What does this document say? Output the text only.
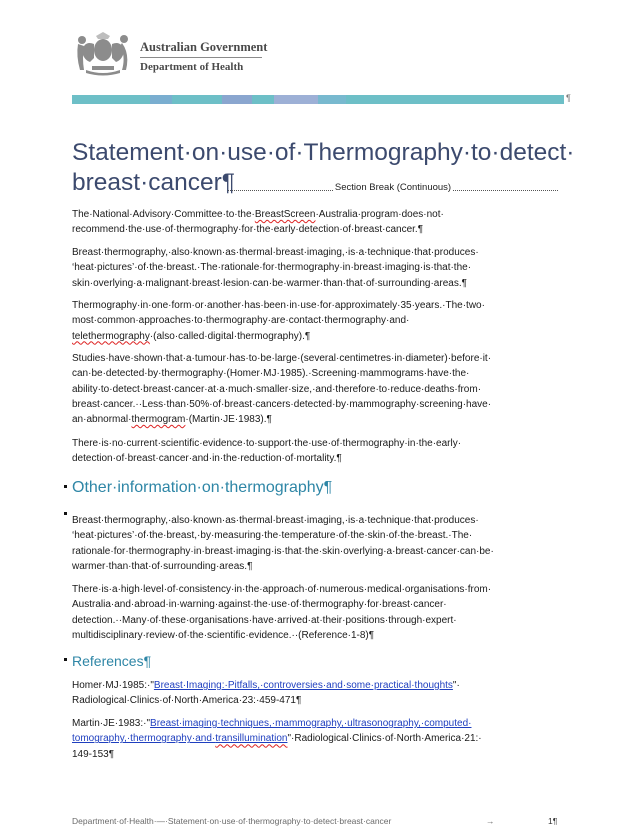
Australian Government
Department of Health
¶
Statement·on·use·of·Thermography·to·detect·
breast·cancer¶	Section Break (Continuous)
The·National·Advisory·Committee·to·the·BreastScreen·Australia·program·does·not·
recommend·the·use·of·thermography·for·the·early·detection·of·breast·cancer.¶
Breast·thermography,·also·known·as·thermal·breast·imaging,·is·a·technique·that·produces·
‘heat·pictures’·of·the·breast.·The·rationale·for·thermography·in·breast·imaging·is·that·the·
skin·overlying·a·malignant·breast·lesion·can·be·warmer·than·that·of·surrounding·areas.¶
Thermography·in·one·form·or·another·has·been·in·use·for·approximately·35·years.·The·two·
most·common·approaches·to·thermography·are·contact·thermography·and·
telethermography·(also·called·digital·thermography).¶
Studies·have·shown·that·a·tumour·has·to·be·large·(several·centimetres·in·diameter)·before·it·
can·be·detected·by·thermography·(Homer·MJ·1985).·Screening·mammograms·have·the·
ability·to·detect·breast·cancer·at·a·much·smaller·size,·and·therefore·to·reduce·deaths·from·
breast·cancer.··Less·than·50%·of·breast·cancers·detected·by·mammography·screening·have·
an·abnormal·thermogram·(Martin·JE·1983).¶
There·is·no·current·scientific·evidence·to·support·the·use·of·thermography·in·the·early·
detection·of·breast·cancer·and·in·the·reduction·of·mortality.¶
Other·information·on·thermography¶
Breast·thermography,·also·known·as·thermal·breast·imaging,·is·a·technique·that·produces·
‘heat·pictures’·of·the·breast,·by·measuring·the·temperature·of·the·skin·of·the·breast.·The·
rationale·for·thermography·in·breast·imaging·is·that·the·skin·overlying·a·breast·cancer·can·be·
warmer·than·that·of·surrounding·areas.¶
There·is·a·high·level·of·consistency·in·the·approach·of·numerous·medical·organisations·from·
Australia·and·abroad·in·warning·against·the·use·of·thermography·for·breast·cancer·
detection.··Many·of·these·organisations·have·arrived·at·their·positions·through·expert·
multidisciplinary·review·of·the·scientific·evidence.··(Reference·1-8)¶
References¶
Homer·MJ·1985:·"Breast·Imaging:·Pitfalls,·controversies·and·some·practical·thoughts"·
Radiological·Clinics·of·North·America·23:·459-471¶
Martin·JE·1983:·"Breast·imaging·techniques,·mammography,·ultrasonography,·computed·
tomography,·thermography·and·transillumination"·Radiological·Clinics·of·North·America·21:·
149-153¶
Department·of·Health·—·Statement·on·use·of·thermography·to·detect·breast·cancer	→	1¶
